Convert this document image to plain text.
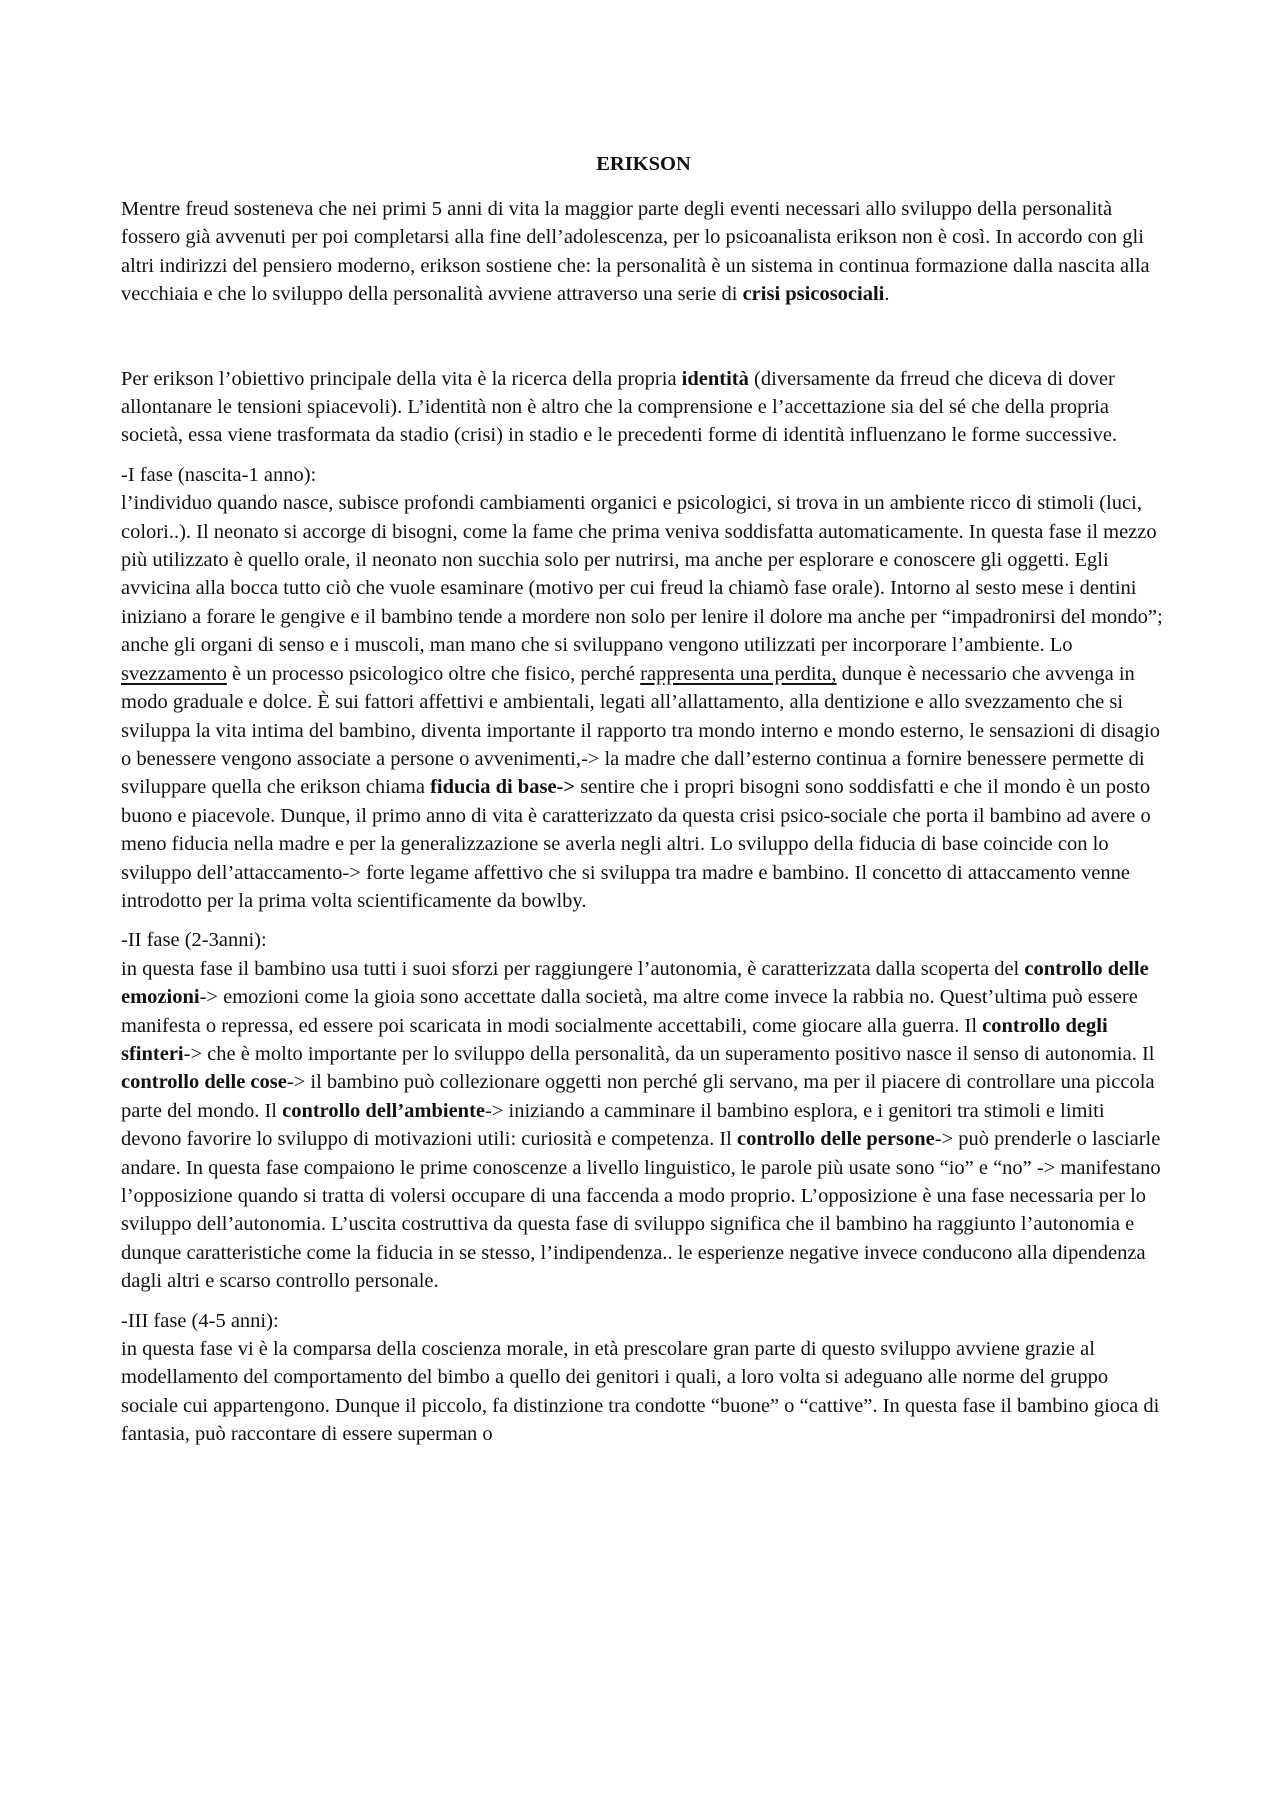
ERIKSON

Mentre freud sosteneva che nei primi 5 anni di vita la maggior parte degli eventi necessari allo sviluppo della personalità fossero già avvenuti per poi completarsi alla fine dell’adolescenza, per lo psicoanalista erikson non è così. In accordo con gli altri indirizzi del pensiero moderno, erikson sostiene che: la personalità è un sistema in continua formazione dalla nascita alla vecchiaia e che lo sviluppo della personalità avviene attraverso una serie di crisi psicosociali.

Per erikson l’obiettivo principale della vita è la ricerca della propria identità (diversamente da frreud che diceva di dover allontanare le tensioni spiacevoli). L’identità non è altro che la comprensione e l’accettazione sia del sé che della propria società, essa viene trasformata da stadio (crisi) in stadio e le precedenti forme di identità influenzano le forme successive.

-I fase (nascita-1 anno):

l’individuo quando nasce, subisce profondi cambiamenti organici e psicologici, si trova in un ambiente ricco di stimoli (luci, colori..). Il neonato si accorge di bisogni, come la fame che prima veniva soddisfatta automaticamente. In questa fase il mezzo più utilizzato è quello orale, il neonato non succhia solo per nutrirsi, ma anche per esplorare e conoscere gli oggetti. Egli avvicina alla bocca tutto ciò che vuole esaminare (motivo per cui freud la chiamò fase orale). Intorno al sesto mese i dentini iniziano a forare le gengive e il bambino tende a mordere non solo per lenire il dolore ma anche per “impadronirsi del mondo”; anche gli organi di senso e i muscoli, man mano che si sviluppano vengono utilizzati per incorporare l’ambiente. Lo svezzamento è un processo psicologico oltre che fisico, perché rappresenta una perdita, dunque è necessario che avvenga in modo graduale e dolce. È sui fattori affettivi e ambientali, legati all’allattamento, alla dentizione e allo svezzamento che si sviluppa la vita intima del bambino, diventa importante il rapporto tra mondo interno e mondo esterno, le sensazioni di disagio o benessere vengono associate a persone o avvenimenti,-> la madre che dall’esterno continua a fornire benessere permette di sviluppare quella che erikson chiama fiducia di base-> sentire che i propri bisogni sono soddisfatti e che il mondo è un posto buono e piacevole. Dunque, il primo anno di vita è caratterizzato da questa crisi psico-sociale che porta il bambino ad avere o meno fiducia nella madre e per la generalizzazione se averla negli altri. Lo sviluppo della fiducia di base coincide con lo sviluppo dell’attaccamento-> forte legame affettivo che si sviluppa tra madre e bambino. Il concetto di attaccamento venne introdotto per la prima volta scientificamente da bowlby.

-II fase (2-3anni):

in questa fase il bambino usa tutti i suoi sforzi per raggiungere l’autonomia, è caratterizzata dalla scoperta del controllo delle emozioni-> emozioni come la gioia sono accettate dalla società, ma altre come invece la rabbia no. Quest’ultima può essere manifesta o repressa, ed essere poi scaricata in modi socialmente accettabili, come giocare alla guerra. Il controllo degli sfinteri-> che è molto importante per lo sviluppo della personalità, da un superamento positivo nasce il senso di autonomia. Il controllo delle cose-> il bambino può collezionare oggetti non perché gli servano, ma per il piacere di controllare una piccola parte del mondo. Il controllo dell’ambiente-> iniziando a camminare il bambino esplora, e i genitori tra stimoli e limiti devono favorire lo sviluppo di motivazioni utili: curiosità e competenza. Il controllo delle persone-> può prenderle o lasciarle andare. In questa fase compaiono le prime conoscenze a livello linguistico, le parole più usate sono “io” e “no” -> manifestano l’opposizione quando si tratta di volersi occupare di una faccenda a modo proprio. L’opposizione è una fase necessaria per lo sviluppo dell’autonomia. L’uscita costruttiva da questa fase di sviluppo significa che il bambino ha raggiunto l’autonomia e dunque caratteristiche come la fiducia in se stesso, l’indipendenza.. le esperienze negative invece conducono alla dipendenza dagli altri e scarso controllo personale.

-III fase (4-5 anni):

in questa fase vi è la comparsa della coscienza morale, in età prescolare gran parte di questo sviluppo avviene grazie al modellamento del comportamento del bimbo a quello dei genitori i quali, a loro volta si adeguano alle norme del gruppo sociale cui appartengono. Dunque il piccolo, fa distinzione tra condotte “buone” o “cattive”. In questa fase il bambino gioca di fantasia, può raccontare di essere superman o
